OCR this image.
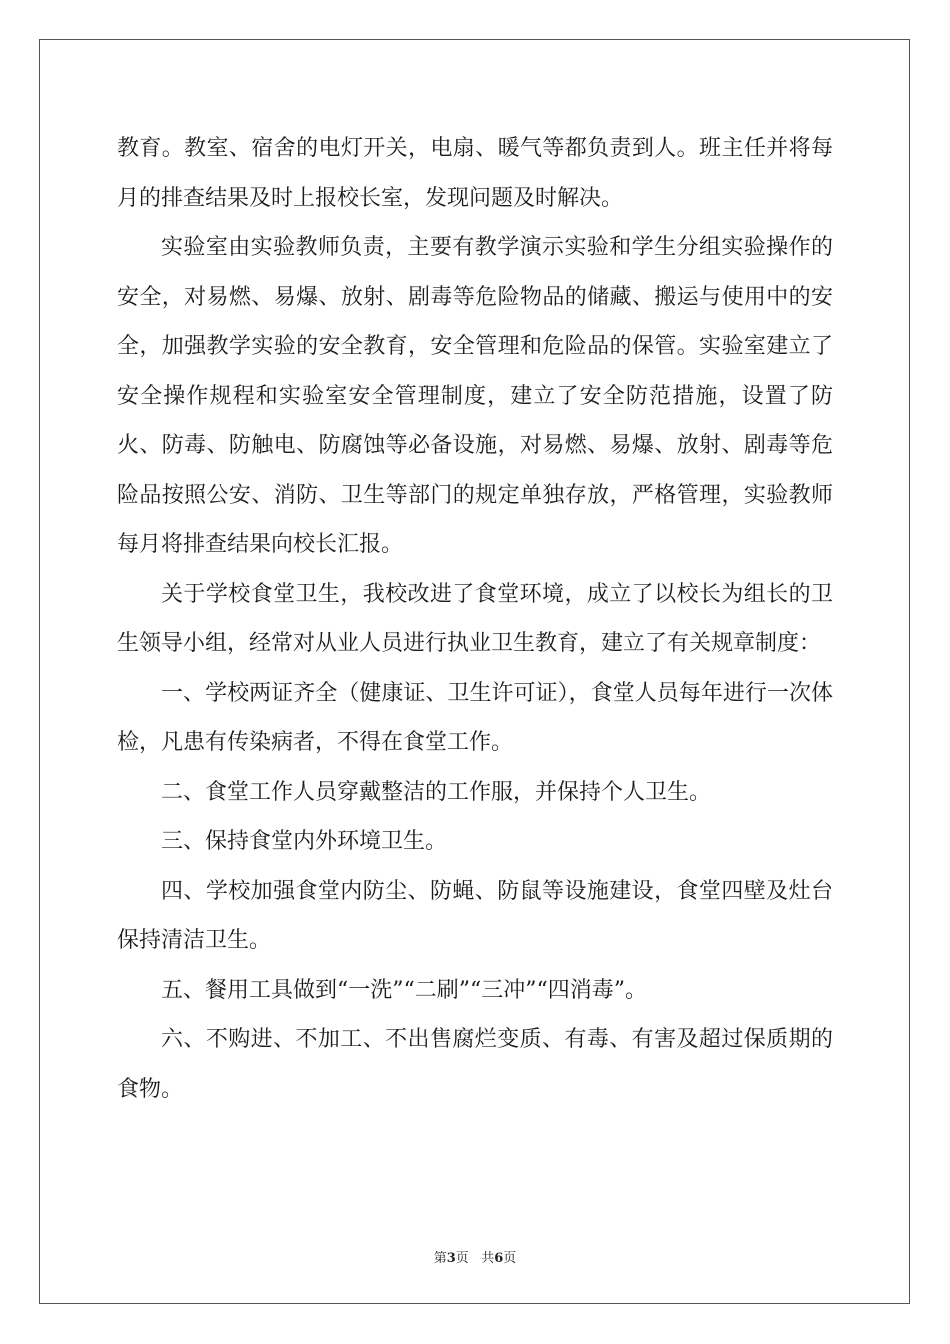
教育。教室、宿舍的电灯开关，电扇、暖气等都负责到人。班主任并将每月的排查结果及时上报校长室，发现问题及时解决。

实验室由实验教师负责，主要有教学演示实验和学生分组实验操作的安全，对易燃、易爆、放射、剧毒等危险物品的储藏、搬运与使用中的安全，加强教学实验的安全教育，安全管理和危险品的保管。实验室建立了安全操作规程和实验室安全管理制度，建立了安全防范措施，设置了防火、防毒、防触电、防腐蚀等必备设施，对易燃、易爆、放射、剧毒等危险品按照公安、消防、卫生等部门的规定单独存放，严格管理，实验教师每月将排查结果向校长汇报。

关于学校食堂卫生，我校改进了食堂环境，成立了以校长为组长的卫生领导小组，经常对从业人员进行执业卫生教育，建立了有关规章制度：

一、学校两证齐全（健康证、卫生许可证），食堂人员每年进行一次体检，凡患有传染病者，不得在食堂工作。

二、食堂工作人员穿戴整洁的工作服，并保持个人卫生。

三、保持食堂内外环境卫生。

四、学校加强食堂内防尘、防蝇、防鼠等设施建设，食堂四壁及灶台保持清洁卫生。

五、餐用工具做到“一洗”“二刷”“三冲”“四消毒”。

六、不购进、不加工、不出售腐烂变质、有毒、有害及超过保质期的食物。

第3页 共6页
